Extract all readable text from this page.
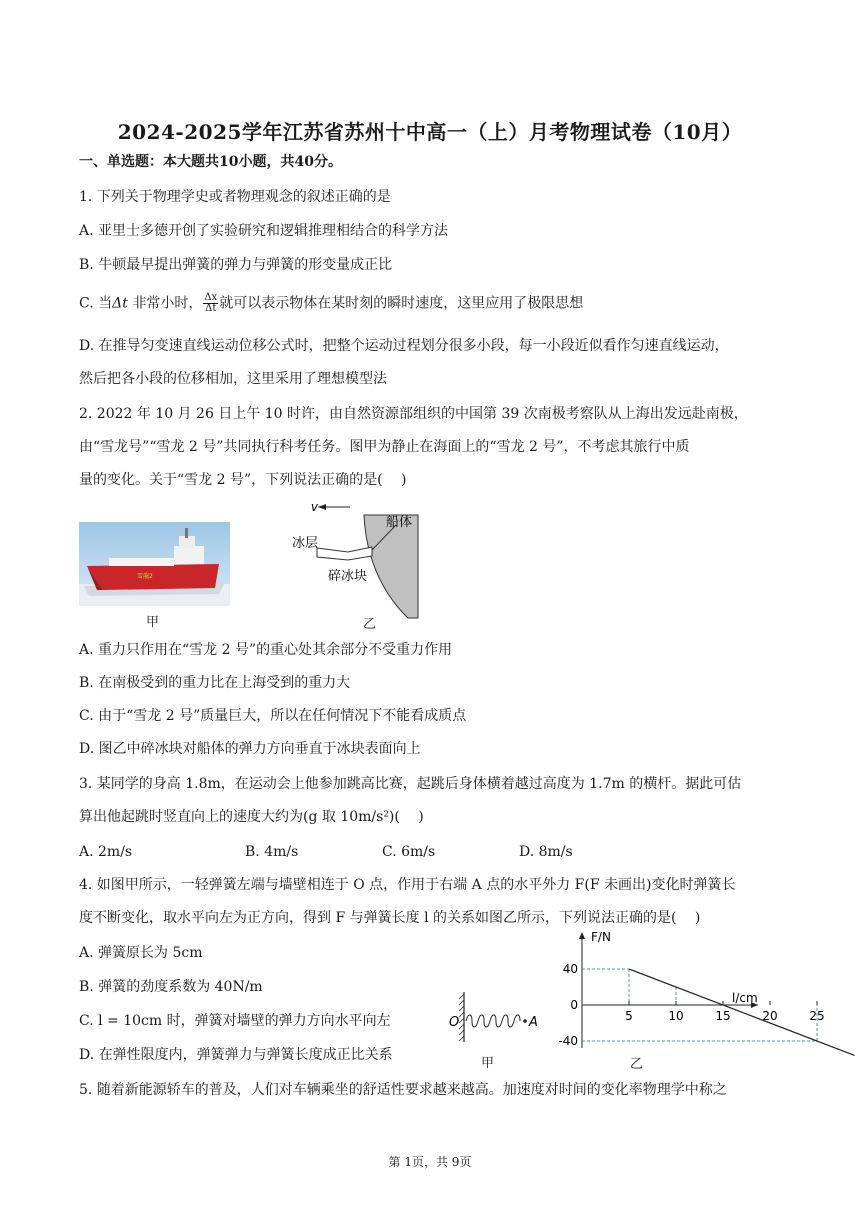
2024-2025学年江苏省苏州十中高一（上）月考物理试卷（10月）
一、单选题：本大题共10小题，共40分。
1. 下列关于物理学史或者物理观念的叙述正确的是
A. 亚里士多德开创了实验研究和逻辑推理相结合的科学方法
B. 牛顿最早提出弹簧的弹力与弹簧的形变量成正比
C. 当Δt 非常小时， $\frac{\Delta x}{\Delta t}$ 就可以表示物体在某时刻的瞬时速度，这里应用了极限思想
D. 在推导匀变速直线运动位移公式时，把整个运动过程划分很多小段，每一小段近似看作匀速直线运动，
然后把各小段的位移相加，这里采用了理想模型法
2. 2022 年 10 月 26 日上午 10 时许，由自然资源部组织的中国第 39 次南极考察队从上海出发远赴南极，
由“雪龙号”“雪龙 2 号”共同执行科考任务。图甲为静止在海面上的“雪龙 2 号”，不考虑其旅行中质
量的变化。关于“雪龙 2 号”，下列说法正确的是(　 )
雪龍2
甲
v
冰层
船体
碎冰块
乙
A. 重力只作用在“雪龙 2 号”的重心处其余部分不受重力作用
B. 在南极受到的重力比在上海受到的重力大
C. 由于“雪龙 2 号”质量巨大，所以在任何情况下不能看成质点
D. 图乙中碎冰块对船体的弹力方向垂直于冰块表面向上
3. 某同学的身高 1.8m，在运动会上他参加跳高比赛，起跳后身体横着越过高度为 1.7m 的横杆。据此可估
算出他起跳时竖直向上的速度大约为(g 取 10m/s²)(　 )
A. 2m/s	B. 4m/s	C. 6m/s	D. 8m/s
4. 如图甲所示，一轻弹簧左端与墙壁相连于 O 点，作用于右端 A 点的水平外力 F(F 未画出)变化时弹簧长
度不断变化，取水平向左为正方向，得到 F 与弹簧长度 l 的关系如图乙所示，下列说法正确的是(　 )
A. 弹簧原长为 5cm
B. 弹簧的劲度系数为 40N/m
C. l = 10cm 时，弹簧对墙壁的弹力方向水平向左
D. 在弹性限度内，弹簧弹力与弹簧长度成正比关系
O	A
甲
F/N
l/cm
5	10	15	20	25
40
0
-40
乙
5. 随着新能源轿车的普及，人们对车辆乘坐的舒适性要求越来越高。加速度对时间的变化率物理学中称之
第 1页，共 9页
